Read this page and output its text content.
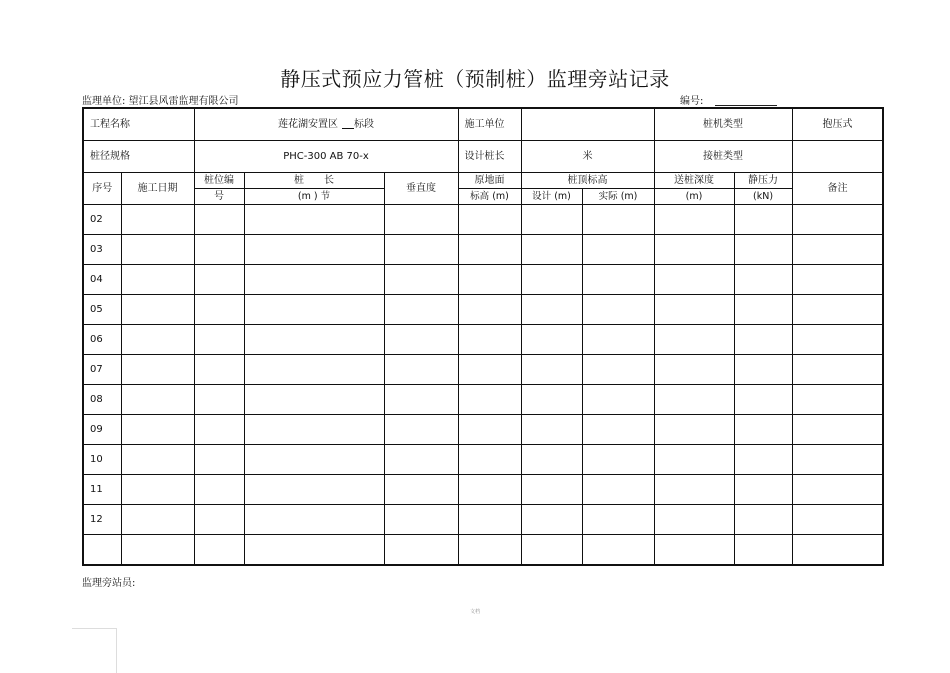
静压式预应力管桩（预制桩）监理旁站记录
监理单位: 望江县风雷监理有限公司	编号:
工程名称		莲花湖安置区 标段			施工单位			桩机类型		抱压式		
桩径规格		PHC-300 AB 70-x			设计桩长	米		接桩类型			
序号	施工日期	桩位编	桩　　长	垂直度	原地面	桩顶标高		送桩深度	静压力	备注	
		号	(m ) 节		标高 (m)	设计 (m)	实际 (m)	(m)	(kN)		
02											
03											
04											
05											
06											
07											
08											
09											
10											
11											
12											

监理旁站员:
文档
